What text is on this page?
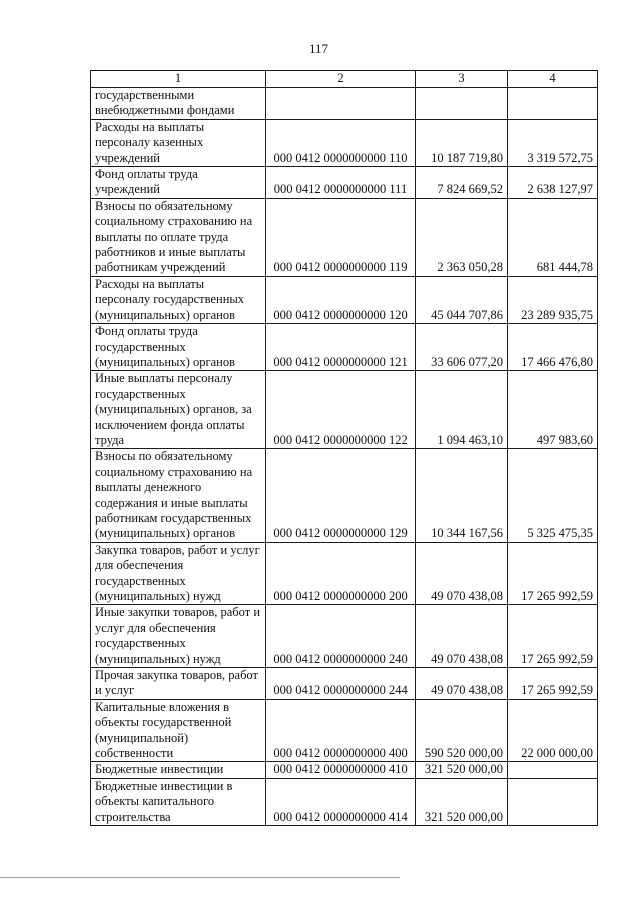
117
1	2	3	4
государственными внебюджетными фондами			
Расходы на выплаты персоналу казенных учреждений	000 0412 0000000000 110	10 187 719,80	3 319 572,75
Фонд оплаты труда учреждений	000 0412 0000000000 111	7 824 669,52	2 638 127,97
Взносы по обязательному социальному страхованию на выплаты по оплате труда работников и иные выплаты работникам учреждений	000 0412 0000000000 119	2 363 050,28	681 444,78
Расходы на выплаты персоналу государственных (муниципальных) органов	000 0412 0000000000 120	45 044 707,86	23 289 935,75
Фонд оплаты труда государственных (муниципальных) органов	000 0412 0000000000 121	33 606 077,20	17 466 476,80
Иные выплаты персоналу государственных (муниципальных) органов, за исключением фонда оплаты труда	000 0412 0000000000 122	1 094 463,10	497 983,60
Взносы по обязательному социальному страхованию на выплаты денежного содержания и иные выплаты работникам государственных (муниципальных) органов	000 0412 0000000000 129	10 344 167,56	5 325 475,35
Закупка товаров, работ и услуг для обеспечения государственных (муниципальных) нужд	000 0412 0000000000 200	49 070 438,08	17 265 992,59
Иные закупки товаров, работ и услуг для обеспечения государственных (муниципальных) нужд	000 0412 0000000000 240	49 070 438,08	17 265 992,59
Прочая закупка товаров, работ и услуг	000 0412 0000000000 244	49 070 438,08	17 265 992,59
Капитальные вложения в объекты государственной (муниципальной) собственности	000 0412 0000000000 400	590 520 000,00	22 000 000,00
Бюджетные инвестиции	000 0412 0000000000 410	321 520 000,00	
Бюджетные инвестиции в объекты капитального строительства	000 0412 0000000000 414	321 520 000,00	
